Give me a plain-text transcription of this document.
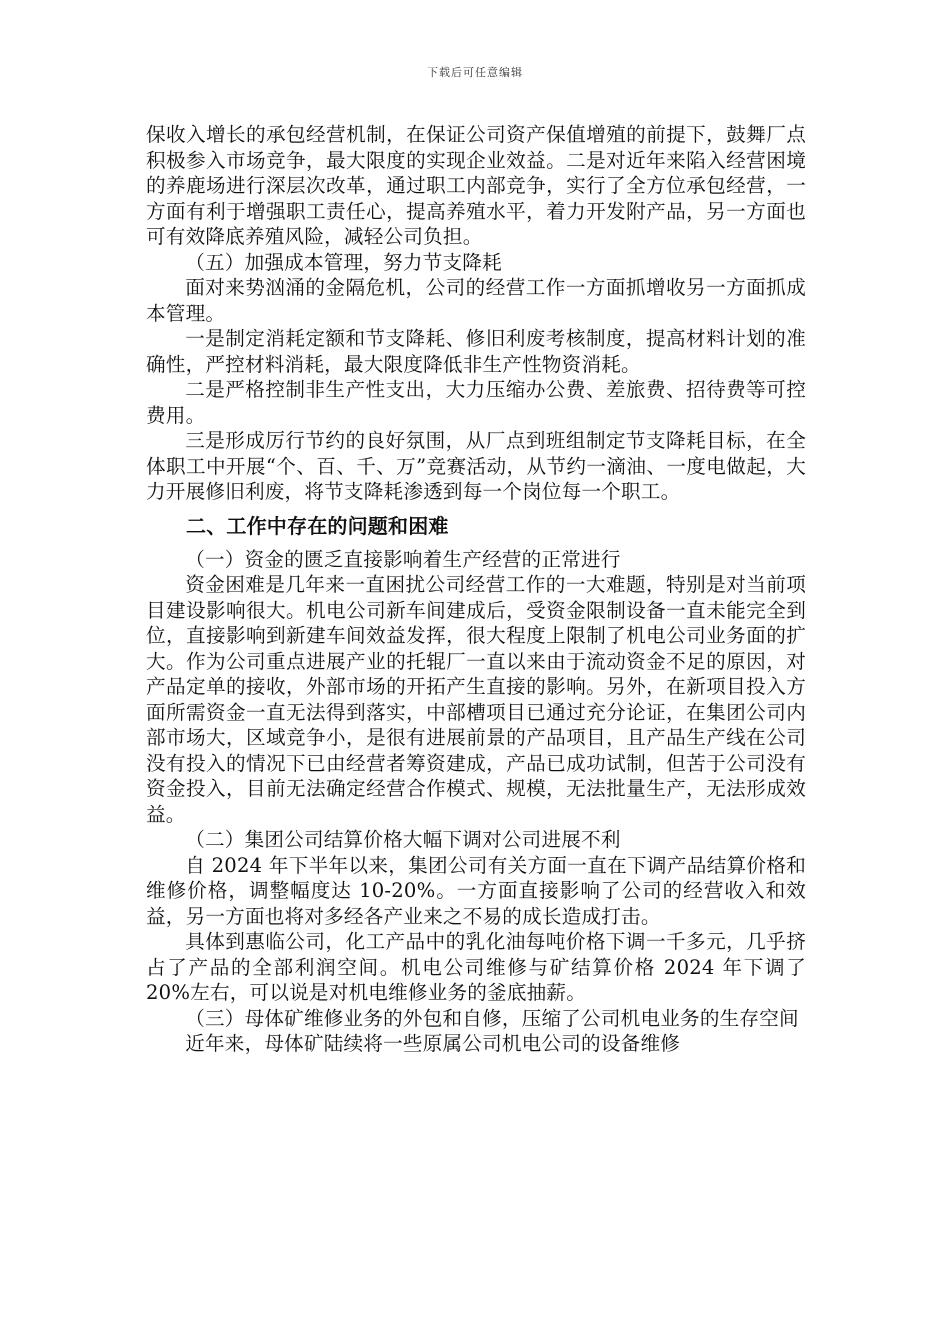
下载后可任意编辑

保收入增长的承包经营机制，在保证公司资产保值增殖的前提下，鼓舞厂点积极参入市场竞争，最大限度的实现企业效益。二是对近年来陷入经营困境的养鹿场进行深层次改革，通过职工内部竞争，实行了全方位承包经营，一方面有利于增强职工责任心，提高养殖水平，着力开发附产品，另一方面也可有效降底养殖风险，减轻公司负担。

（五）加强成本管理，努力节支降耗

面对来势汹涌的金隔危机，公司的经营工作一方面抓增收另一方面抓成本管理。

一是制定消耗定额和节支降耗、修旧利废考核制度，提高材料计划的准确性，严控材料消耗，最大限度降低非生产性物资消耗。

二是严格控制非生产性支出，大力压缩办公费、差旅费、招待费等可控费用。

三是形成厉行节约的良好氛围，从厂点到班组制定节支降耗目标，在全体职工中开展“个、百、千、万”竞赛活动，从节约一滴油、一度电做起，大力开展修旧利废，将节支降耗渗透到每一个岗位每一个职工。

二、工作中存在的问题和困难

（一）资金的匮乏直接影响着生产经营的正常进行

资金困难是几年来一直困扰公司经营工作的一大难题，特别是对当前项目建设影响很大。机电公司新车间建成后，受资金限制设备一直未能完全到位，直接影响到新建车间效益发挥，很大程度上限制了机电公司业务面的扩大。作为公司重点进展产业的托辊厂一直以来由于流动资金不足的原因，对产品定单的接收，外部市场的开拓产生直接的影响。另外，在新项目投入方面所需资金一直无法得到落实，中部槽项目已通过充分论证，在集团公司内部市场大，区域竞争小，是很有进展前景的产品项目，且产品生产线在公司没有投入的情况下已由经营者筹资建成，产品已成功试制，但苦于公司没有资金投入，目前无法确定经营合作模式、规模，无法批量生产，无法形成效益。

（二）集团公司结算价格大幅下调对公司进展不利

自 2024 年下半年以来，集团公司有关方面一直在下调产品结算价格和维修价格，调整幅度达 10-20%。一方面直接影响了公司的经营收入和效益，另一方面也将对多经各产业来之不易的成长造成打击。

具体到惠临公司，化工产品中的乳化油每吨价格下调一千多元，几乎挤占了产品的全部利润空间。机电公司维修与矿结算价格 2024 年下调了 20%左右，可以说是对机电维修业务的釜底抽薪。

（三）母体矿维修业务的外包和自修，压缩了公司机电业务的生存空间

近年来，母体矿陆续将一些原属公司机电公司的设备维修
